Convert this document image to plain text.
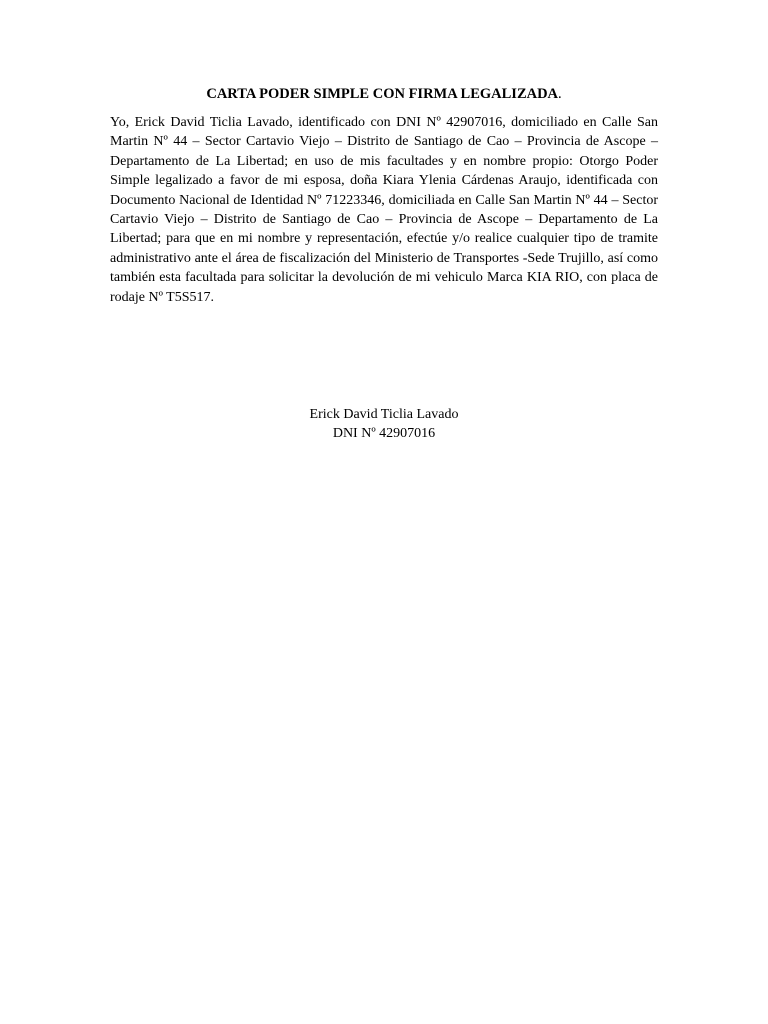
CARTA PODER SIMPLE CON FIRMA LEGALIZADA.

Yo, Erick David Ticlia Lavado, identificado con DNI Nº 42907016, domiciliado en Calle San Martin Nº 44 – Sector Cartavio Viejo – Distrito de Santiago de Cao – Provincia de Ascope – Departamento de La Libertad; en uso de mis facultades y en nombre propio: Otorgo Poder Simple legalizado a favor de mi esposa, doña Kiara Ylenia Cárdenas Araujo, identificada con Documento Nacional de Identidad Nº 71223346, domiciliada en Calle San Martin Nº 44 – Sector Cartavio Viejo – Distrito de Santiago de Cao – Provincia de Ascope – Departamento de La Libertad; para que en mi nombre y representación, efectúe y/o realice cualquier tipo de tramite administrativo ante el área de fiscalización del Ministerio de Transportes -Sede Trujillo, así como también esta facultada para solicitar la devolución de mi vehiculo Marca KIA RIO, con placa de rodaje Nº T5S517.

Erick David Ticlia Lavado
DNI Nº 42907016
